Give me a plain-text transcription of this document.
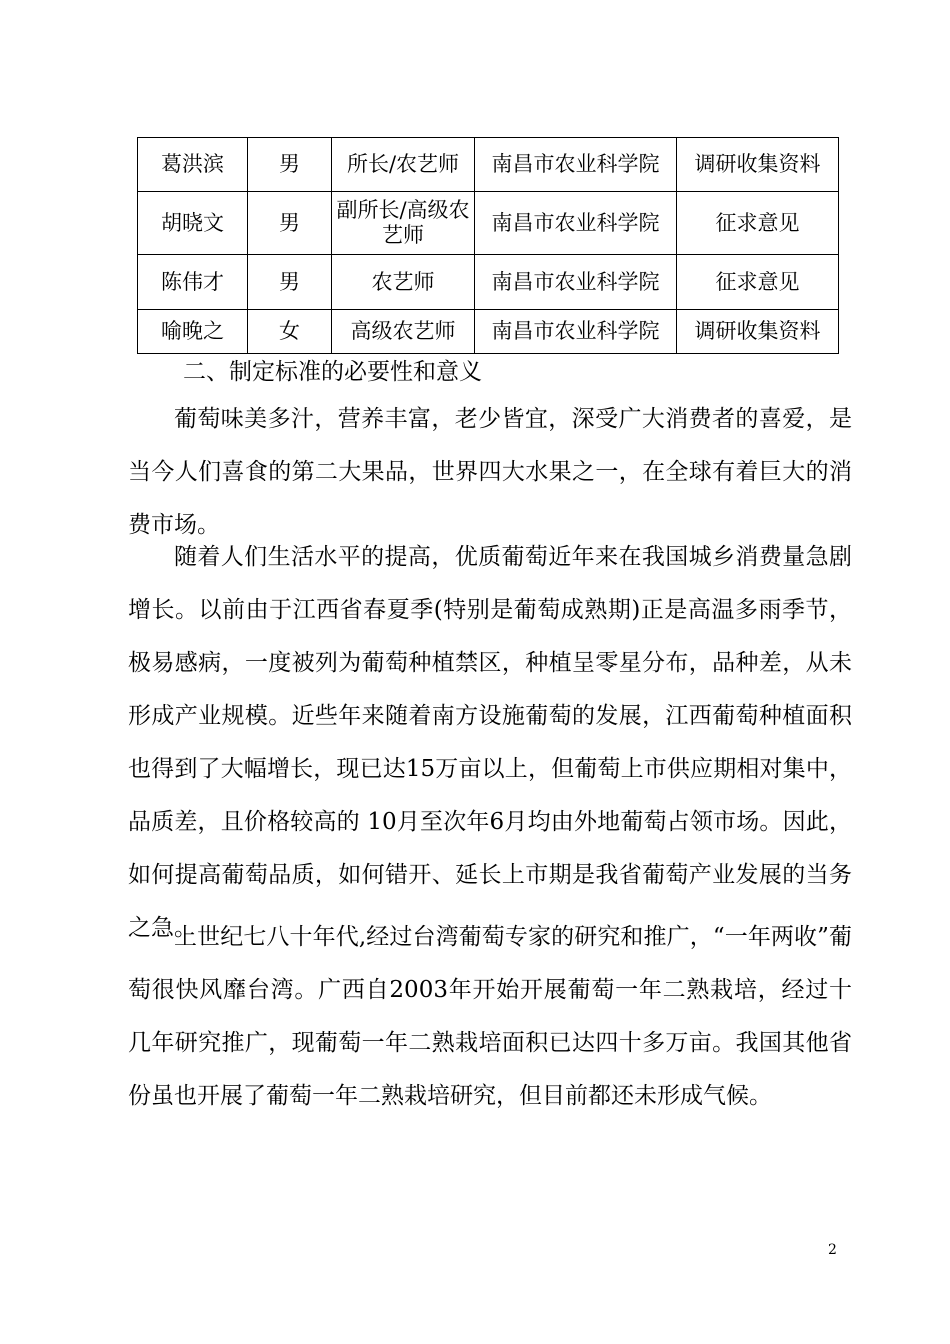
葛洪滨	男	所长/农艺师	南昌市农业科学院	调研收集资料
胡晓文	男	副所长/高级农艺师	南昌市农业科学院	征求意见
陈伟才	男	农艺师	南昌市农业科学院	征求意见
喻晚之	女	高级农艺师	南昌市农业科学院	调研收集资料
二、制定标准的必要性和意义

葡萄味美多汁，营养丰富，老少皆宜，深受广大消费者的喜爱，是当今人们喜食的第二大果品，世界四大水果之一，在全球有着巨大的消费市场。

随着人们生活水平的提高，优质葡萄近年来在我国城乡消费量急剧增长。以前由于江西省春夏季(特别是葡萄成熟期)正是高温多雨季节，极易感病，一度被列为葡萄种植禁区，种植呈零星分布，品种差，从未形成产业规模。近些年来随着南方设施葡萄的发展，江西葡萄种植面积也得到了大幅增长，现已达15万亩以上，但葡萄上市供应期相对集中，品质差，且价格较高的 10月至次年6月均由外地葡萄占领市场。因此，如何提高葡萄品质，如何错开、延长上市期是我省葡萄产业发展的当务之急。

上世纪七八十年代,经过台湾葡萄专家的研究和推广，“一年两收”葡萄很快风靡台湾。广西自2003年开始开展葡萄一年二熟栽培，经过十几年研究推广，现葡萄一年二熟栽培面积已达四十多万亩。我国其他省份虽也开展了葡萄一年二熟栽培研究，但目前都还未形成气候。

2
